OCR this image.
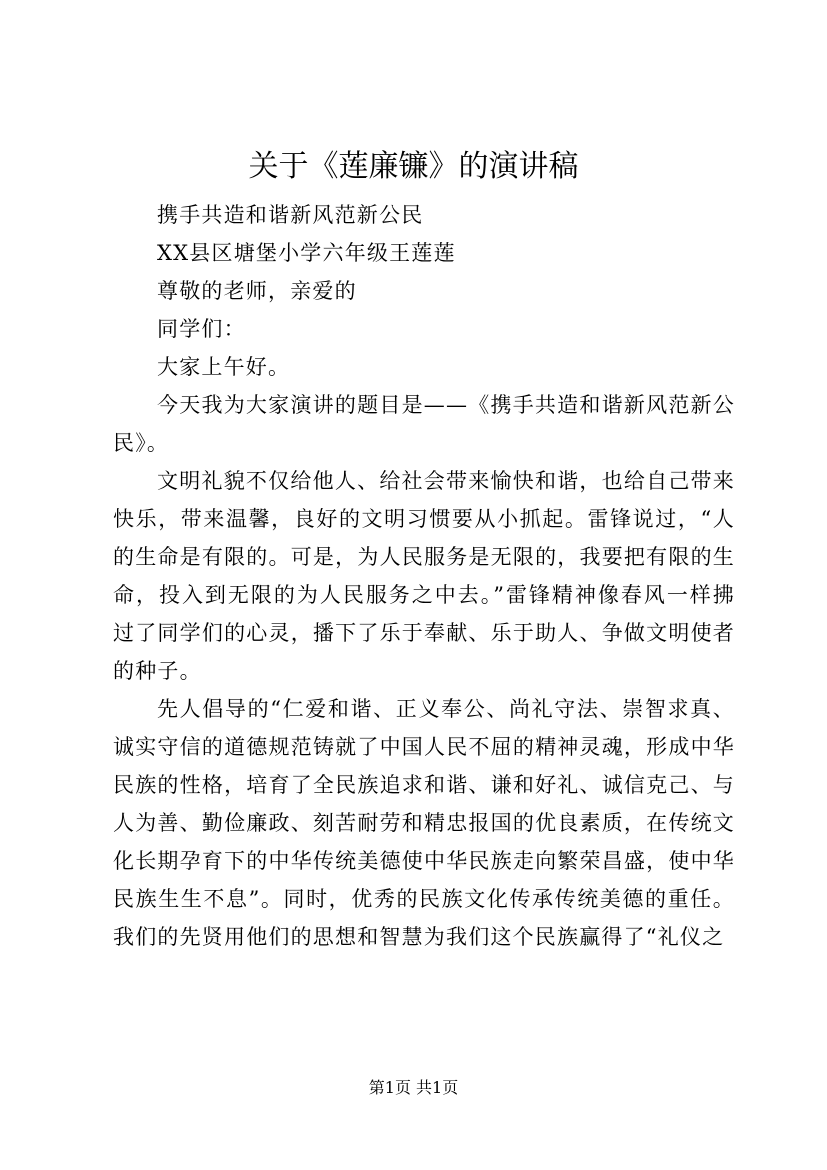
关于《莲廉镰》的演讲稿

携手共造和谐新风范新公民

XX县区塘堡小学六年级王莲莲

尊敬的老师，亲爱的

同学们：

大家上午好。

今天我为大家演讲的题目是——《携手共造和谐新风范新公民》。

文明礼貌不仅给他人、给社会带来愉快和谐，也给自己带来快乐，带来温馨，良好的文明习惯要从小抓起。雷锋说过，“人的生命是有限的。可是，为人民服务是无限的，我要把有限的生命，投入到无限的为人民服务之中去。”雷锋精神像春风一样拂过了同学们的心灵，播下了乐于奉献、乐于助人、争做文明使者的种子。

先人倡导的“仁爱和谐、正义奉公、尚礼守法、崇智求真、诚实守信的道德规范铸就了中国人民不屈的精神灵魂，形成中华民族的性格，培育了全民族追求和谐、谦和好礼、诚信克己、与人为善、勤俭廉政、刻苦耐劳和精忠报国的优良素质，在传统文化长期孕育下的中华传统美德使中华民族走向繁荣昌盛，使中华民族生生不息”。同时，优秀的民族文化传承传统美德的重任。我们的先贤用他们的思想和智慧为我们这个民族赢得了“礼仪之

第1页 共1页
